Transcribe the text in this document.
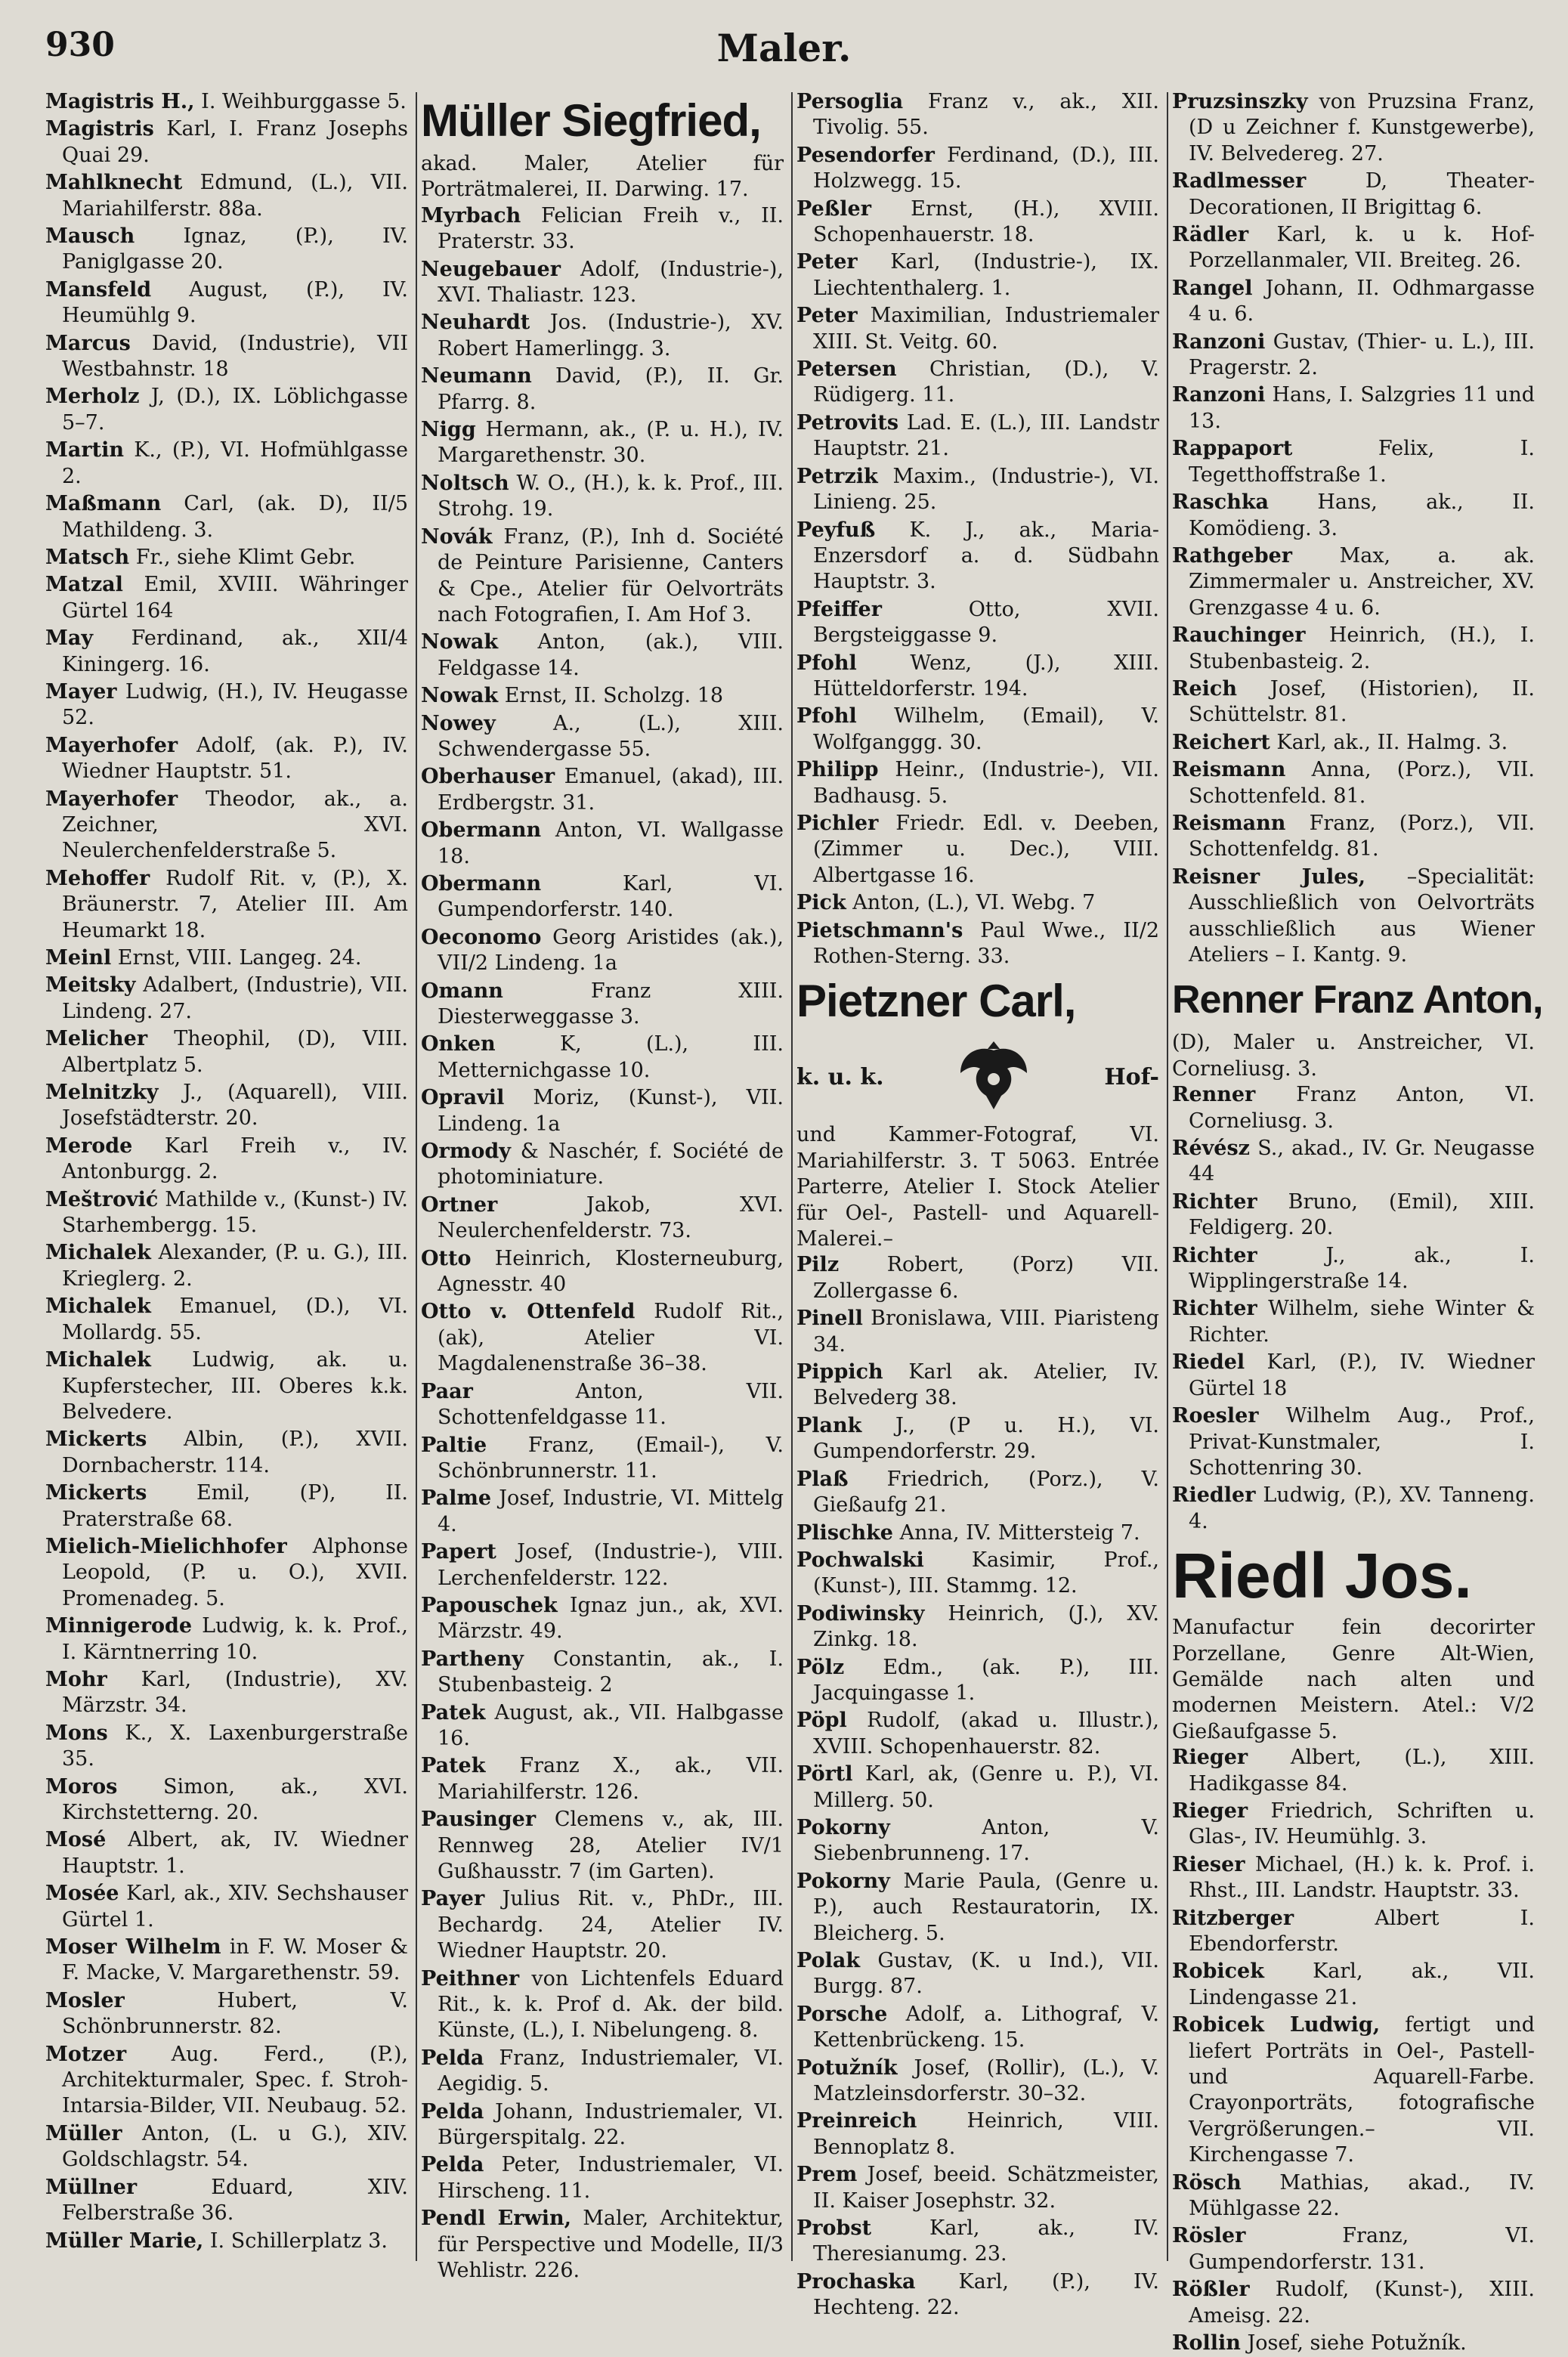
930	Maler.
Magistris H., I. Weihburggasse 5.
Magistris Karl, I. Franz Josephs Quai 29.
Mahlknecht Edmund, (L.), VII. Mariahilferstr. 88a.
Mausch Ignaz, (P.), IV. Paniglgasse 20.
Mansfeld August, (P.), IV. Heumühlg 9.
Marcus David, (Industrie), VII Westbahnstr. 18
Merholz J, (D.), IX. Löblichgasse 5–7.
Martin K., (P.), VI. Hofmühlgasse 2.
Maßmann Carl, (ak. D), II/5 Mathildeng. 3.
Matsch Fr., siehe Klimt Gebr.
Matzal Emil, XVIII. Währinger Gürtel 164
May Ferdinand, ak., XII/4 Kiningerg. 16.
Mayer Ludwig, (H.), IV. Heugasse 52.
Mayerhofer Adolf, (ak. P.), IV. Wiedner Hauptstr. 51.
Mayerhofer Theodor, ak., a. Zeichner, XVI. Neulerchenfelderstraße 5.
Mehoffer Rudolf Rit. v, (P.), X. Bräunerstr. 7, Atelier III. Am Heumarkt 18.
Meinl Ernst, VIII. Langeg. 24.
Meitsky Adalbert, (Industrie), VII. Lindeng. 27.
Melicher Theophil, (D), VIII. Albertplatz 5.
Melnitzky J., (Aquarell), VIII. Josefstädterstr. 20.
Merode Karl Freih v., IV. Antonburgg. 2.
Meštrović Mathilde v., (Kunst-) IV. Starhembergg. 15.
Michalek Alexander, (P. u. G.), III. Krieglerg. 2.
Michalek Emanuel, (D.), VI. Mollardg. 55.
Michalek Ludwig, ak. u. Kupferstecher, III. Oberes k.k. Belvedere.
Mickerts Albin, (P.), XVII. Dornbacherstr. 114.
Mickerts Emil, (P), II. Praterstraße 68.
Mielich-Mielichhofer Alphonse Leopold, (P. u. O.), XVII. Promenadeg. 5.
Minnigerode Ludwig, k. k. Prof., I. Kärntnerring 10.
Mohr Karl, (Industrie), XV. Märzstr. 34.
Mons K., X. Laxenburgerstraße 35.
Moros Simon, ak., XVI. Kirchstetterng. 20.
Mosé Albert, ak, IV. Wiedner Hauptstr. 1.
Mosée Karl, ak., XIV. Sechshauser Gürtel 1.
Moser Wilhelm in F. W. Moser & F. Macke, V. Margarethenstr. 59.
Mosler Hubert, V. Schönbrunnerstr. 82.
Motzer Aug. Ferd., (P.), Architekturmaler, Spec. f. Stroh-Intarsia-Bilder, VII. Neubaug. 52.
Müller Anton, (L. u G.), XIV. Goldschlagstr. 54.
Müllner Eduard, XIV. Felberstraße 36.
Müller Marie, I. Schillerplatz 3.
Müller Siegfried,
akad. Maler, Atelier für Porträtmalerei, II. Darwing. 17.
Myrbach Felician Freih v., II. Praterstr. 33.
Neugebauer Adolf, (Industrie-), XVI. Thaliastr. 123.
Neuhardt Jos. (Industrie-), XV. Robert Hamerlingg. 3.
Neumann David, (P.), II. Gr. Pfarrg. 8.
Nigg Hermann, ak., (P. u. H.), IV. Margarethenstr. 30.
Noltsch W. O., (H.), k. k. Prof., III. Strohg. 19.
Novák Franz, (P.), Inh d. Société de Peinture Parisienne, Canters & Cpe., Atelier für Oelvorträts nach Fotografien, I. Am Hof 3.
Nowak Anton, (ak.), VIII. Feldgasse 14.
Nowak Ernst, II. Scholzg. 18
Nowey A., (L.), XIII. Schwendergasse 55.
Oberhauser Emanuel, (akad), III. Erdbergstr. 31.
Obermann Anton, VI. Wallgasse 18.
Obermann Karl, VI. Gumpendorferstr. 140.
Oeconomo Georg Aristides (ak.), VII/2 Lindeng. 1a
Omann Franz XIII. Diesterweggasse 3.
Onken K, (L.), III. Metternichgasse 10.
Opravil Moriz, (Kunst-), VII. Lindeng. 1a
Ormody & Naschér, f. Société de photominiature.
Ortner Jakob, XVI. Neulerchenfelderstr. 73.
Otto Heinrich, Klosterneuburg, Agnesstr. 40
Otto v. Ottenfeld Rudolf Rit., (ak), Atelier VI. Magdalenenstraße 36–38.
Paar Anton, VII. Schottenfeldgasse 11.
Paltie Franz, (Email-), V. Schönbrunnerstr. 11.
Palme Josef, Industrie, VI. Mittelg 4.
Papert Josef, (Industrie-), VIII. Lerchenfelderstr. 122.
Papouschek Ignaz jun., ak, XVI. Märzstr. 49.
Partheny Constantin, ak., I. Stubenbasteig. 2
Patek August, ak., VII. Halbgasse 16.
Patek Franz X., ak., VII. Mariahilferstr. 126.
Pausinger Clemens v., ak, III. Rennweg 28, Atelier IV/1 Gußhausstr. 7 (im Garten).
Payer Julius Rit. v., PhDr., III. Bechardg. 24, Atelier IV. Wiedner Hauptstr. 20.
Peithner von Lichtenfels Eduard Rit., k. k. Prof d. Ak. der bild. Künste, (L.), I. Nibelungeng. 8.
Pelda Franz, Industriemaler, VI. Aegidig. 5.
Pelda Johann, Industriemaler, VI. Bürgerspitalg. 22.
Pelda Peter, Industriemaler, VI. Hirscheng. 11.
Pendl Erwin, Maler, Architektur, für Perspective und Modelle, II/3 Wehlistr. 226.
Persoglia Franz v., ak., XII. Tivolig. 55.
Pesendorfer Ferdinand, (D.), III. Holzwegg. 15.
Peßler Ernst, (H.), XVIII. Schopenhauerstr. 18.
Peter Karl, (Industrie-), IX. Liechtenthalerg. 1.
Peter Maximilian, Industriemaler XIII. St. Veitg. 60.
Petersen Christian, (D.), V. Rüdigerg. 11.
Petrovits Lad. E. (L.), III. Landstr Hauptstr. 21.
Petrzik Maxim., (Industrie-), VI. Linieng. 25.
Peyfuß K. J., ak., Maria-Enzersdorf a. d. Südbahn Hauptstr. 3.
Pfeiffer Otto, XVII. Bergsteiggasse 9.
Pfohl Wenz, (J.), XIII. Hütteldorferstr. 194.
Pfohl Wilhelm, (Email), V. Wolfganggg. 30.
Philipp Heinr., (Industrie-), VII. Badhausg. 5.
Pichler Friedr. Edl. v. Deeben, (Zimmer u. Dec.), VIII. Albertgasse 16.
Pick Anton, (L.), VI. Webg. 7
Pietschmann's Paul Wwe., II/2 Rothen-Sterng. 33.
Pietzner Carl,
k. u. k.	Hof-
und Kammer-Fotograf, VI. Mariahilferstr. 3. T 5063. Entrée Parterre, Atelier I. Stock Atelier für Oel-, Pastell- und Aquarell-Malerei.–
Pilz Robert, (Porz) VII. Zollergasse 6.
Pinell Bronislawa, VIII. Piaristeng 34.
Pippich Karl ak. Atelier, IV. Belvederg 38.
Plank J., (P u. H.), VI. Gumpendorferstr. 29.
Plaß Friedrich, (Porz.), V. Gießaufg 21.
Plischke Anna, IV. Mittersteig 7.
Pochwalski Kasimir, Prof., (Kunst-), III. Stammg. 12.
Podiwinsky Heinrich, (J.), XV. Zinkg. 18.
Pölz Edm., (ak. P.), III. Jacquingasse 1.
Pöpl Rudolf, (akad u. Illustr.), XVIII. Schopenhauerstr. 82.
Pörtl Karl, ak, (Genre u. P.), VI. Millerg. 50.
Pokorny Anton, V. Siebenbrunneng. 17.
Pokorny Marie Paula, (Genre u. P.), auch Restauratorin, IX. Bleicherg. 5.
Polak Gustav, (K. u Ind.), VII. Burgg. 87.
Porsche Adolf, a. Lithograf, V. Kettenbrückeng. 15.
Potužník Josef, (Rollir), (L.), V. Matzleinsdorferstr. 30–32.
Preinreich Heinrich, VIII. Bennoplatz 8.
Prem Josef, beeid. Schätzmeister, II. Kaiser Josephstr. 32.
Probst Karl, ak., IV. Theresianumg. 23.
Prochaska Karl, (P.), IV. Hechteng. 22.
Pruzsinszky von Pruzsina Franz, (D u Zeichner f. Kunstgewerbe), IV. Belvedereg. 27.
Radlmesser D, Theater-Decorationen, II Brigittag 6.
Rädler Karl, k. u k. Hof-Porzellanmaler, VII. Breiteg. 26.
Rangel Johann, II. Odhmargasse 4 u. 6.
Ranzoni Gustav, (Thier- u. L.), III. Pragerstr. 2.
Ranzoni Hans, I. Salzgries 11 und 13.
Rappaport Felix, I. Tegetthoffstraße 1.
Raschka Hans, ak., II. Komödieng. 3.
Rathgeber Max, a. ak. Zimmermaler u. Anstreicher, XV. Grenzgasse 4 u. 6.
Rauchinger Heinrich, (H.), I. Stubenbasteig. 2.
Reich Josef, (Historien), II. Schüttelstr. 81.
Reichert Karl, ak., II. Halmg. 3.
Reismann Anna, (Porz.), VII. Schottenfeld. 81.
Reismann Franz, (Porz.), VII. Schottenfeldg. 81.
Reisner Jules, –Specialität: Ausschließlich von Oelvorträts ausschließlich aus Wiener Ateliers – I. Kantg. 9.
Renner Franz Anton,
(D), Maler u. Anstreicher, VI. Corneliusg. 3.
Renner Franz Anton, VI. Corneliusg. 3.
Révész S., akad., IV. Gr. Neugasse 44
Richter Bruno, (Emil), XIII. Feldigerg. 20.
Richter J., ak., I. Wipplingerstraße 14.
Richter Wilhelm, siehe Winter & Richter.
Riedel Karl, (P.), IV. Wiedner Gürtel 18
Roesler Wilhelm Aug., Prof., Privat-Kunstmaler, I. Schottenring 30.
Riedler Ludwig, (P.), XV. Tanneng. 4.
Riedl Jos.
Manufactur fein decorirter Porzellane, Genre Alt-Wien, Gemälde nach alten und modernen Meistern. Atel.: V/2 Gießaufgasse 5.
Rieger Albert, (L.), XIII. Hadikgasse 84.
Rieger Friedrich, Schriften u. Glas-, IV. Heumühlg. 3.
Rieser Michael, (H.) k. k. Prof. i. Rhst., III. Landstr. Hauptstr. 33.
Ritzberger Albert I. Ebendorferstr.
Robicek Karl, ak., VII. Lindengasse 21.
Robicek Ludwig, fertigt und liefert Porträts in Oel-, Pastell- und Aquarell-Farbe. Crayonporträts, fotografische Vergrößerungen.– VII. Kirchengasse 7.
Rösch Mathias, akad., IV. Mühlgasse 22.
Rösler Franz, VI. Gumpendorferstr. 131.
Rößler Rudolf, (Kunst-), XIII. Ameisg. 22.
Rollin Josef, siehe Potužník.
